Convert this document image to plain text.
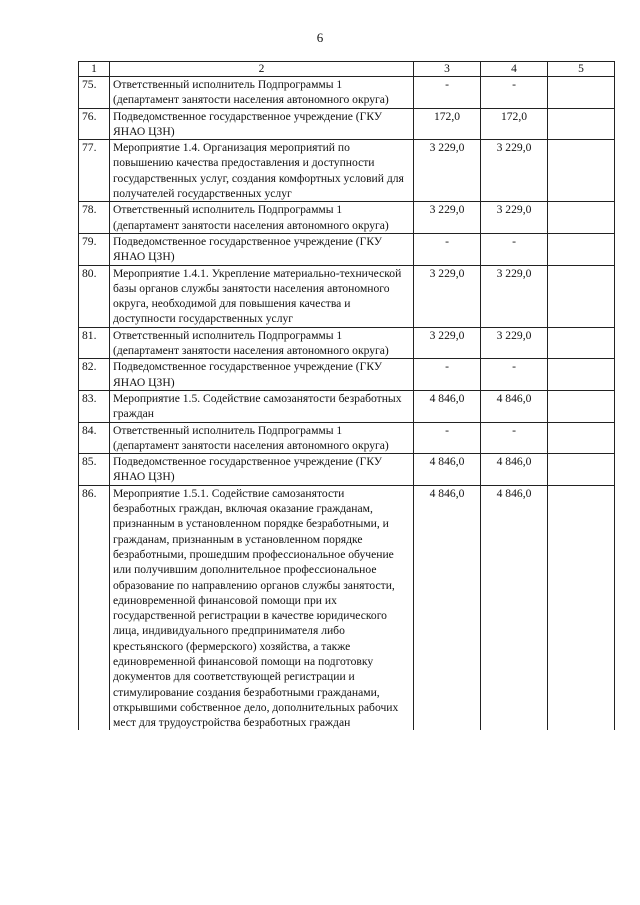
6
1	2	3	4	5
75.	Ответственный исполнитель Подпрограммы 1 (департамент занятости населения автономного округа)	-	-	
76.	Подведомственное государственное учреждение (ГКУ ЯНАО ЦЗН)	172,0	172,0	
77.	Мероприятие 1.4. Организация мероприятий по повышению качества предоставления и доступности государственных услуг, создания комфортных условий для получателей государственных услуг	3 229,0	3 229,0	
78.	Ответственный исполнитель Подпрограммы 1 (департамент занятости населения автономного округа)	3 229,0	3 229,0	
79.	Подведомственное государственное учреждение (ГКУ ЯНАО ЦЗН)	-	-	
80.	Мероприятие 1.4.1. Укрепление материально-технической базы органов службы занятости населения автономного округа, необходимой для повышения качества и доступности государственных услуг	3 229,0	3 229,0	
81.	Ответственный исполнитель Подпрограммы 1 (департамент занятости населения автономного округа)	3 229,0	3 229,0	
82.	Подведомственное государственное учреждение (ГКУ ЯНАО ЦЗН)	-	-	
83.	Мероприятие 1.5. Содействие самозанятости безработных граждан	4 846,0	4 846,0	
84.	Ответственный исполнитель Подпрограммы 1 (департамент занятости населения автономного округа)	-	-	
85.	Подведомственное государственное учреждение (ГКУ ЯНАО ЦЗН)	4 846,0	4 846,0	
86.	Мероприятие 1.5.1. Содействие самозанятости безработных граждан, включая оказание гражданам, признанным в установленном порядке безработными, и гражданам, признанным в установленном порядке безработными, прошедшим профессиональное обучение или получившим дополнительное профессиональное образование по направлению органов службы занятости, единовременной финансовой помощи при их государственной регистрации в качестве юридического лица, индивидуального предпринимателя либо крестьянского (фермерского) хозяйства, а также единовременной финансовой помощи на подготовку документов для соответствующей регистрации и стимулирование создания безработными гражданами, открывшими собственное дело, дополнительных рабочих мест для трудоустройства безработных граждан	4 846,0	4 846,0	
